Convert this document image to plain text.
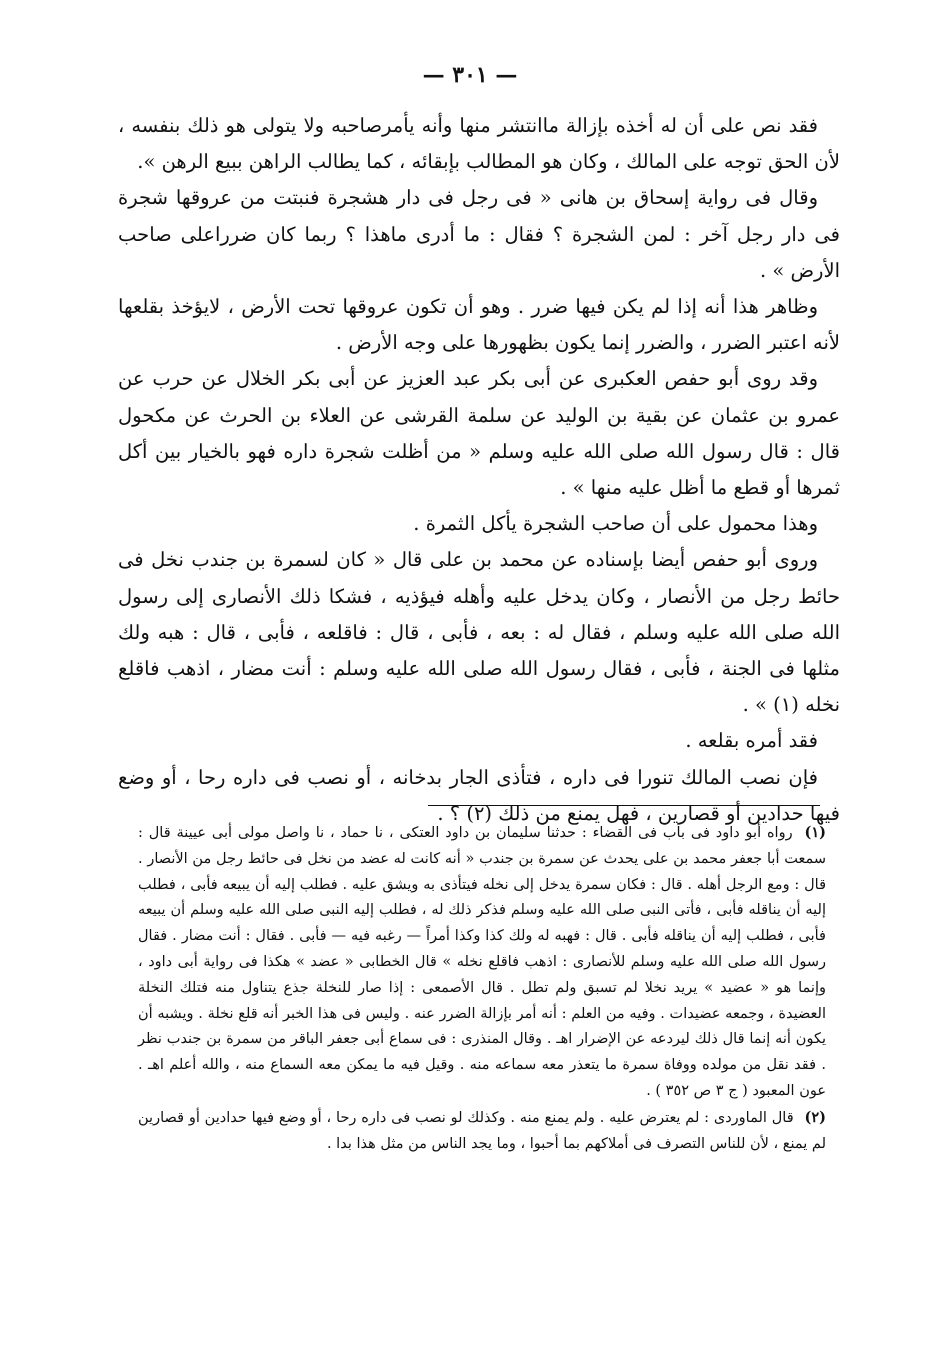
— ٣٠١ —

فقد نص على أن له أخذه بإزالة ماانتشر منها وأنه يأمرصاحبه ولا يتولى هو ذلك بنفسه ، لأن الحق توجه على المالك ، وكان هو المطالب بإبقائه ، كما يطالب الراهن ببيع الرهن ».

وقال فى رواية إسحاق بن هانى « فى رجل فى دار هشجرة فنبتت من عروقها شجرة فى دار رجل آخر : لمن الشجرة ؟ فقال : ما أدرى ماهذا ؟ ربما كان ضرراعلى صاحب الأرض » .

وظاهر هذا أنه إذا لم يكن فيها ضرر . وهو أن تكون عروقها تحت الأرض ، لايؤخذ بقلعها لأنه اعتبر الضرر ، والضرر إنما يكون بظهورها على وجه الأرض .

وقد روى أبو حفص العكبرى عن أبى بكر عبد العزيز عن أبى بكر الخلال عن حرب عن عمرو بن عثمان عن بقية بن الوليد عن سلمة القرشى عن العلاء بن الحرث عن مكحول قال : قال رسول الله صلى الله عليه وسلم « من أظلت شجرة داره فهو بالخيار بين أكل ثمرها أو قطع ما أظل عليه منها » .

وهذا محمول على أن صاحب الشجرة يأكل الثمرة .

وروى أبو حفص أيضا بإسناده عن محمد بن على قال « كان لسمرة بن جندب نخل فى حائط رجل من الأنصار ، وكان يدخل عليه وأهله فيؤذيه ، فشكا ذلك الأنصارى إلى رسول الله صلى الله عليه وسلم ، فقال له : بعه ، فأبى ، قال : فاقلعه ، فأبى ، قال : هبه ولك مثلها فى الجنة ، فأبى ، فقال رسول الله صلى الله عليه وسلم : أنت مضار ، اذهب فاقلع نخله (١) » .

فقد أمره بقلعه .

فإن نصب المالك تنورا فى داره ، فتأذى الجار بدخانه ، أو نصب فى داره رحا ، أو وضع فيها حدادين أو قصارين ، فهل يمنع من ذلك (٢) ؟ .

(١) رواه أبو داود فى باب فى القضاء : حدثنا سليمان بن داود العتكى ، نا حماد ، نا واصل مولى أبى عيينة قال : سمعت أبا جعفر محمد بن على يحدث عن سمرة بن جندب « أنه كانت له عضد من نخل فى حائط رجل من الأنصار . قال : ومع الرجل أهله . قال : فكان سمرة يدخل إلى نخله فيتأذى به ويشق عليه . فطلب إليه أن يبيعه فأبى ، فطلب إليه أن يناقله فأبى ، فأتى النبى صلى الله عليه وسلم فذكر ذلك له ، فطلب إليه النبى صلى الله عليه وسلم أن يبيعه فأبى ، فطلب إليه أن يناقله فأبى . قال : فهبه له ولك كذا وكذا أمراً — رغبه فيه — فأبى . فقال : أنت مضار . فقال رسول الله صلى الله عليه وسلم للأنصارى : اذهب فاقلع نخله » قال الخطابى « عضد » هكذا فى رواية أبى داود ، وإنما هو « عضيد » يريد نخلا لم تسبق ولم تطل . قال الأصمعى : إذا صار للنخلة جذع يتناول منه فتلك النخلة العضيدة ، وجمعه عضيدات . وفيه من العلم : أنه أمر بإزالة الضرر عنه . وليس فى هذا الخبر أنه قلع نخلة . ويشبه أن يكون أنه إنما قال ذلك ليردعه عن الإضرار اهـ . وقال المنذرى : فى سماع أبى جعفر الباقر من سمرة بن جندب نظر . فقد نقل من مولده ووفاة سمرة ما يتعذر معه سماعه منه . وقيل فيه ما يمكن معه السماع منه ، والله أعلم اهـ . عون المعبود ( ج ٣ ص ٣٥٢ ) .

(٢) قال الماوردى : لم يعترض عليه . ولم يمنع منه . وكذلك لو نصب فى داره رحا ، أو وضع فيها حدادين أو قصارين لم يمنع ، لأن للناس التصرف فى أملاكهم بما أحبوا ، وما يجد الناس من مثل هذا بدا .
